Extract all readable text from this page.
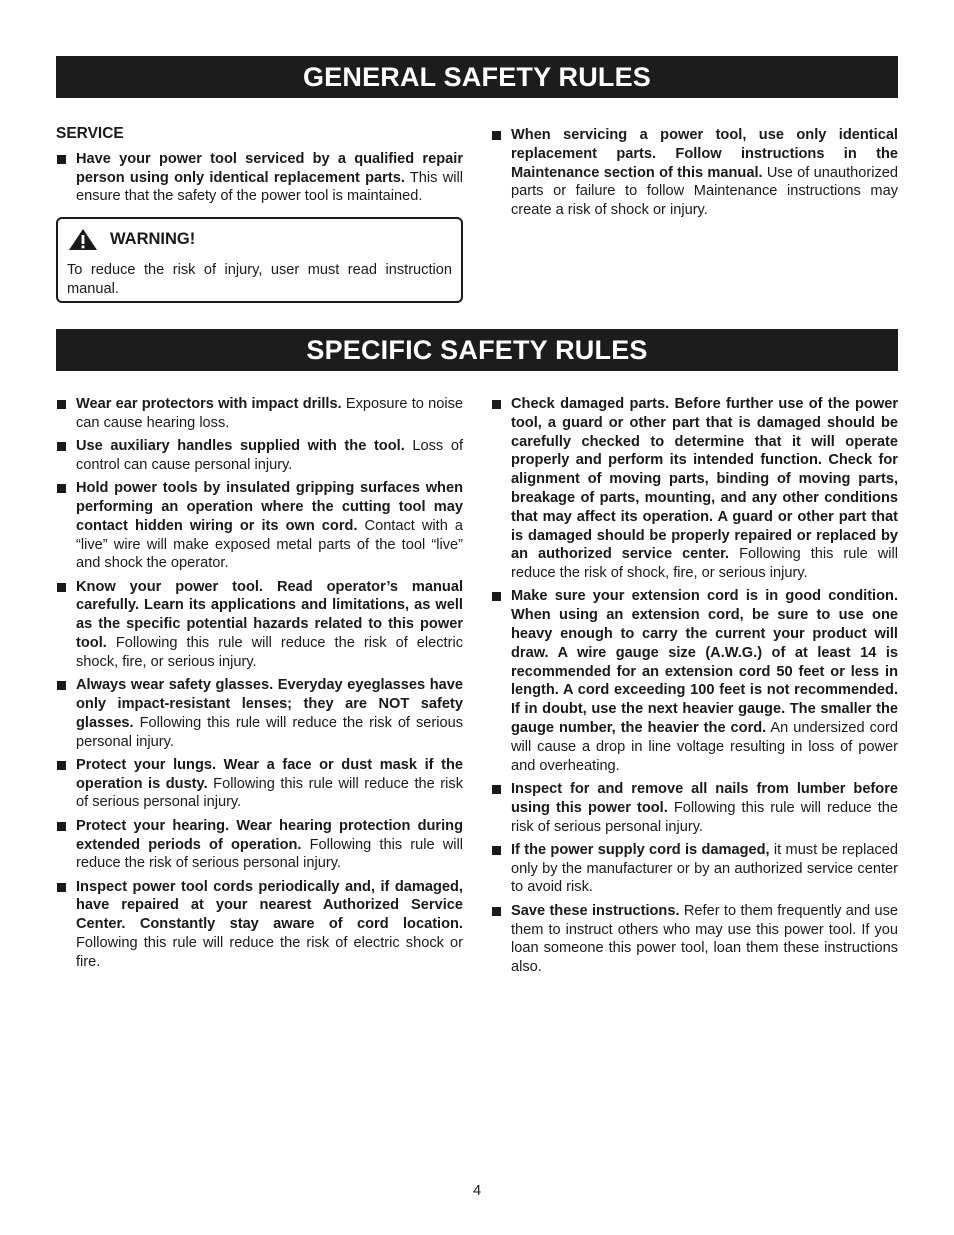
GENERAL SAFETY RULES
SERVICE
Have your power tool serviced by a qualified repair person using only identical replacement parts. This will ensure that the safety of the power tool is maintained.
When servicing a power tool, use only identical replacement parts. Follow instructions in the Maintenance section of this manual. Use of unauthorized parts or failure to follow Maintenance instructions may create a risk of shock or injury.
WARNING!
To reduce the risk of injury, user must read instruction manual.
SPECIFIC SAFETY RULES
Wear ear protectors with impact drills. Exposure to noise can cause hearing loss.
Use auxiliary handles supplied with the tool. Loss of control can cause personal injury.
Hold power tools by insulated gripping surfaces when performing an operation where the cutting tool may contact hidden wiring or its own cord. Contact with a “live” wire will make exposed metal parts of the tool “live” and shock the operator.
Know your power tool. Read operator’s manual carefully. Learn its applications and limitations, as well as the specific potential hazards related to this power tool. Following this rule will reduce the risk of electric shock, fire, or serious injury.
Always wear safety glasses. Everyday eyeglasses have only impact-resistant lenses; they are NOT safety glasses. Following this rule will reduce the risk of serious personal injury.
Protect your lungs. Wear a face or dust mask if the operation is dusty. Following this rule will reduce the risk of serious personal injury.
Protect your hearing. Wear hearing protection during extended periods of operation. Following this rule will reduce the risk of serious personal injury.
Inspect power tool cords periodically and, if damaged, have repaired at your nearest Authorized Service Center. Constantly stay aware of cord location. Following this rule will reduce the risk of electric shock or fire.
Check damaged parts. Before further use of the power tool, a guard or other part that is damaged should be carefully checked to determine that it will operate properly and perform its intended function. Check for alignment of moving parts, binding of moving parts, breakage of parts, mounting, and any other conditions that may affect its operation. A guard or other part that is damaged should be properly repaired or replaced by an authorized service center. Following this rule will reduce the risk of shock, fire, or serious injury.
Make sure your extension cord is in good condition. When using an extension cord, be sure to use one heavy enough to carry the current your product will draw. A wire gauge size (A.W.G.) of at least 14 is recommended for an extension cord 50 feet or less in length. A cord exceeding 100 feet is not recommended. If in doubt, use the next heavier gauge. The smaller the gauge number, the heavier the cord. An undersized cord will cause a drop in line voltage resulting in loss of power and overheating.
Inspect for and remove all nails from lumber before using this power tool. Following this rule will reduce the risk of serious personal injury.
If the power supply cord is damaged, it must be replaced only by the manufacturer or by an authorized service center to avoid risk.
Save these instructions. Refer to them frequently and use them to instruct others who may use this power tool. If you loan someone this power tool, loan them these instructions also.
4
